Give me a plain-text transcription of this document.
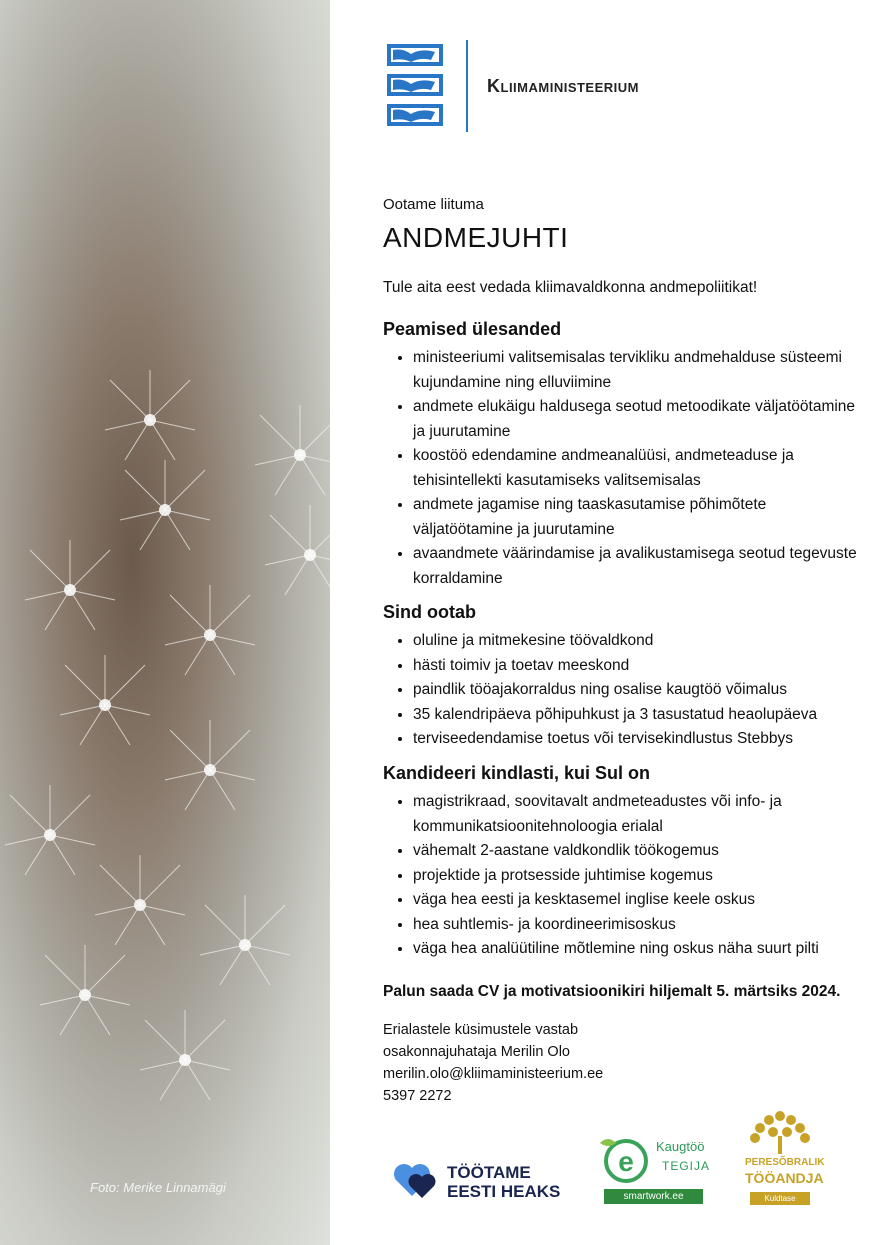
Foto: Merike Linnamägi
Kliimaministeerium
Ootame liituma
ANDMEJUHTI
Tule aita eest vedada kliimavaldkonna andmepoliitikat!
Peamised ülesanded
• ministeeriumi valitsemisalas tervikliku andmehalduse süsteemi kujundamine ning elluviimine
• andmete elukäigu haldusega seotud metoodikate väljatöötamine ja juurutamine
• koostöö edendamine andmeanalüüsi, andmeteaduse ja tehisintellekti kasutamiseks valitsemisalas
• andmete jagamise ning taaskasutamise põhimõtete väljatöötamine ja juurutamine
• avaandmete väärindamise ja avalikustamisega seotud tegevuste korraldamine
Sind ootab
• oluline ja mitmekesine töövaldkond
• hästi toimiv ja toetav meeskond
• paindlik tööajakorraldus ning osalise kaugtöö võimalus
• 35 kalendripäeva põhipuhkust ja 3 tasustatud heaolupäeva
• terviseedendamise toetus või tervisekindlustus Stebbys
Kandideeri kindlasti, kui Sul on
• magistrikraad, soovitavalt andmeteadustes või info- ja kommunikatsioonitehnoloogia erialal
• vähemalt 2-aastane valdkondlik töökogemus
• projektide ja protsesside juhtimise kogemus
• väga hea eesti ja kesktasemel inglise keele oskus
• hea suhtlemis- ja koordineerimisoskus
• väga hea analüütiline mõtlemine ning oskus näha suurt pilti
Palun saada CV ja motivatsioonikiri hiljemalt 5. märtsiks 2024.
Erialastele küsimustele vastab
osakonnajuhataja Merilin Olo
merilin.olo@kliimaministeerium.ee
5397 2272
TÖÖTAME
EESTI HEAKS
e Kaugtöö
TEGIJA
smartwork.ee
PERESÕBRALIK
TÖÖANDJA
Kuldtase
